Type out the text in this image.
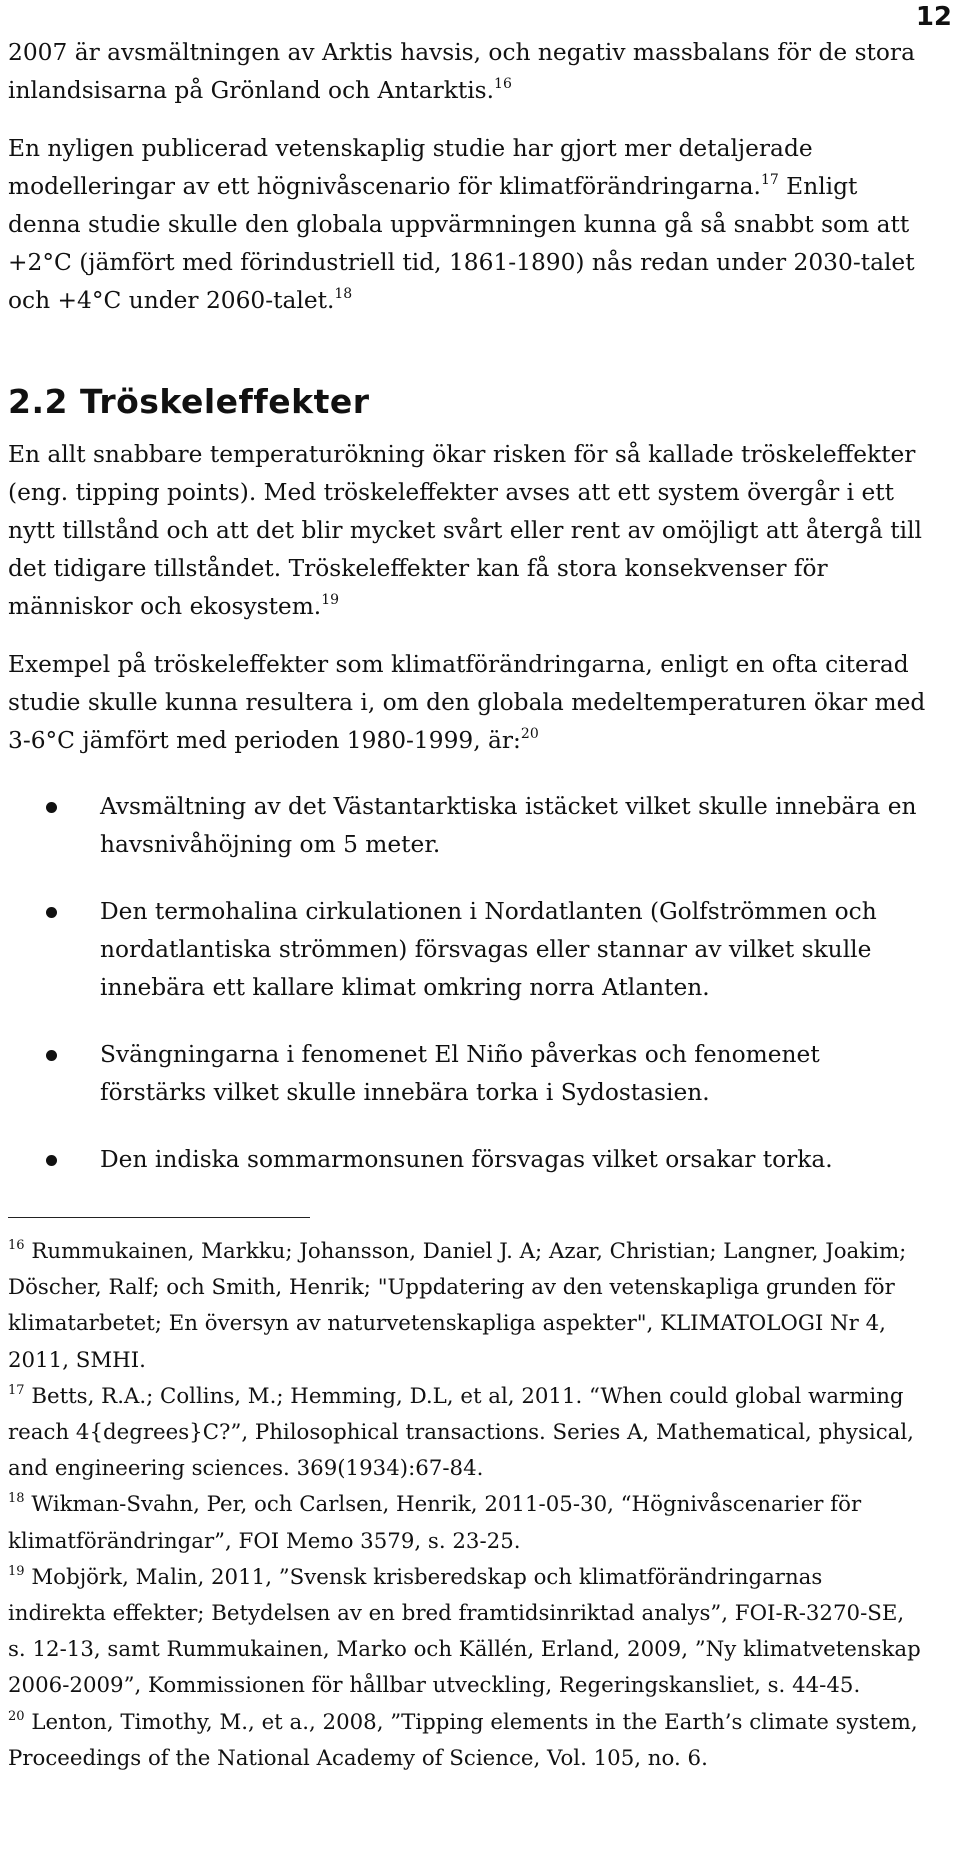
12

2007 är avsmältningen av Arktis havsis, och negativ massbalans för de stora inlandsisarna på Grönland och Antarktis.$^{16}$

En nyligen publicerad vetenskaplig studie har gjort mer detaljerade modelleringar av ett högnivåscenario för klimatförändringarna.$^{17}$ Enligt denna studie skulle den globala uppvärmningen kunna gå så snabbt som att +2°C (jämfört med förindustriell tid, 1861-1890) nås redan under 2030-talet och +4°C under 2060-talet.$^{18}$

2.2 Tröskeleffekter

En allt snabbare temperaturökning ökar risken för så kallade tröskeleffekter (eng. tipping points). Med tröskeleffekter avses att ett system övergår i ett nytt tillstånd och att det blir mycket svårt eller rent av omöjligt att återgå till det tidigare tillståndet. Tröskeleffekter kan få stora konsekvenser för människor och ekosystem.$^{19}$

Exempel på tröskeleffekter som klimatförändringarna, enligt en ofta citerad studie skulle kunna resultera i, om den globala medeltemperaturen ökar med 3-6°C jämfört med perioden 1980-1999, är:$^{20}$

Avsmältning av det Västantarktiska istäcket vilket skulle innebära en havsnivåhöjning om 5 meter.
Den termohalina cirkulationen i Nordatlanten (Golfströmmen och nordatlantiska strömmen) försvagas eller stannar av vilket skulle innebära ett kallare klimat omkring norra Atlanten.
Svängningarna i fenomenet El Niño påverkas och fenomenet förstärks vilket skulle innebära torka i Sydostasien.
Den indiska sommarmonsunen försvagas vilket orsakar torka.

$^{16}$ Rummukainen, Markku; Johansson, Daniel J. A; Azar, Christian; Langner, Joakim; Döscher, Ralf; och Smith, Henrik; "Uppdatering av den vetenskapliga grunden för klimatarbetet; En översyn av naturvetenskapliga aspekter", KLIMATOLOGI Nr 4, 2011, SMHI.

$^{17}$ Betts, R.A.; Collins, M.; Hemming, D.L, et al, 2011. “When could global warming reach 4{degrees}C?”, Philosophical transactions. Series A, Mathematical, physical, and engineering sciences. 369(1934):67-84.

$^{18}$ Wikman-Svahn, Per, och Carlsen, Henrik, 2011-05-30, “Högnivåscenarier för klimatförändringar”, FOI Memo 3579, s. 23-25.

$^{19}$ Mobjörk, Malin, 2011, ”Svensk krisberedskap och klimatförändringarnas indirekta effekter; Betydelsen av en bred framtidsinriktad analys”, FOI-R-3270-SE, s. 12-13, samt Rummukainen, Marko och Källén, Erland, 2009, ”Ny klimatvetenskap 2006-2009”, Kommissionen för hållbar utveckling, Regeringskansliet, s. 44-45.

$^{20}$ Lenton, Timothy, M., et a., 2008, ”Tipping elements in the Earth’s climate system, Proceedings of the National Academy of Science, Vol. 105, no. 6.
